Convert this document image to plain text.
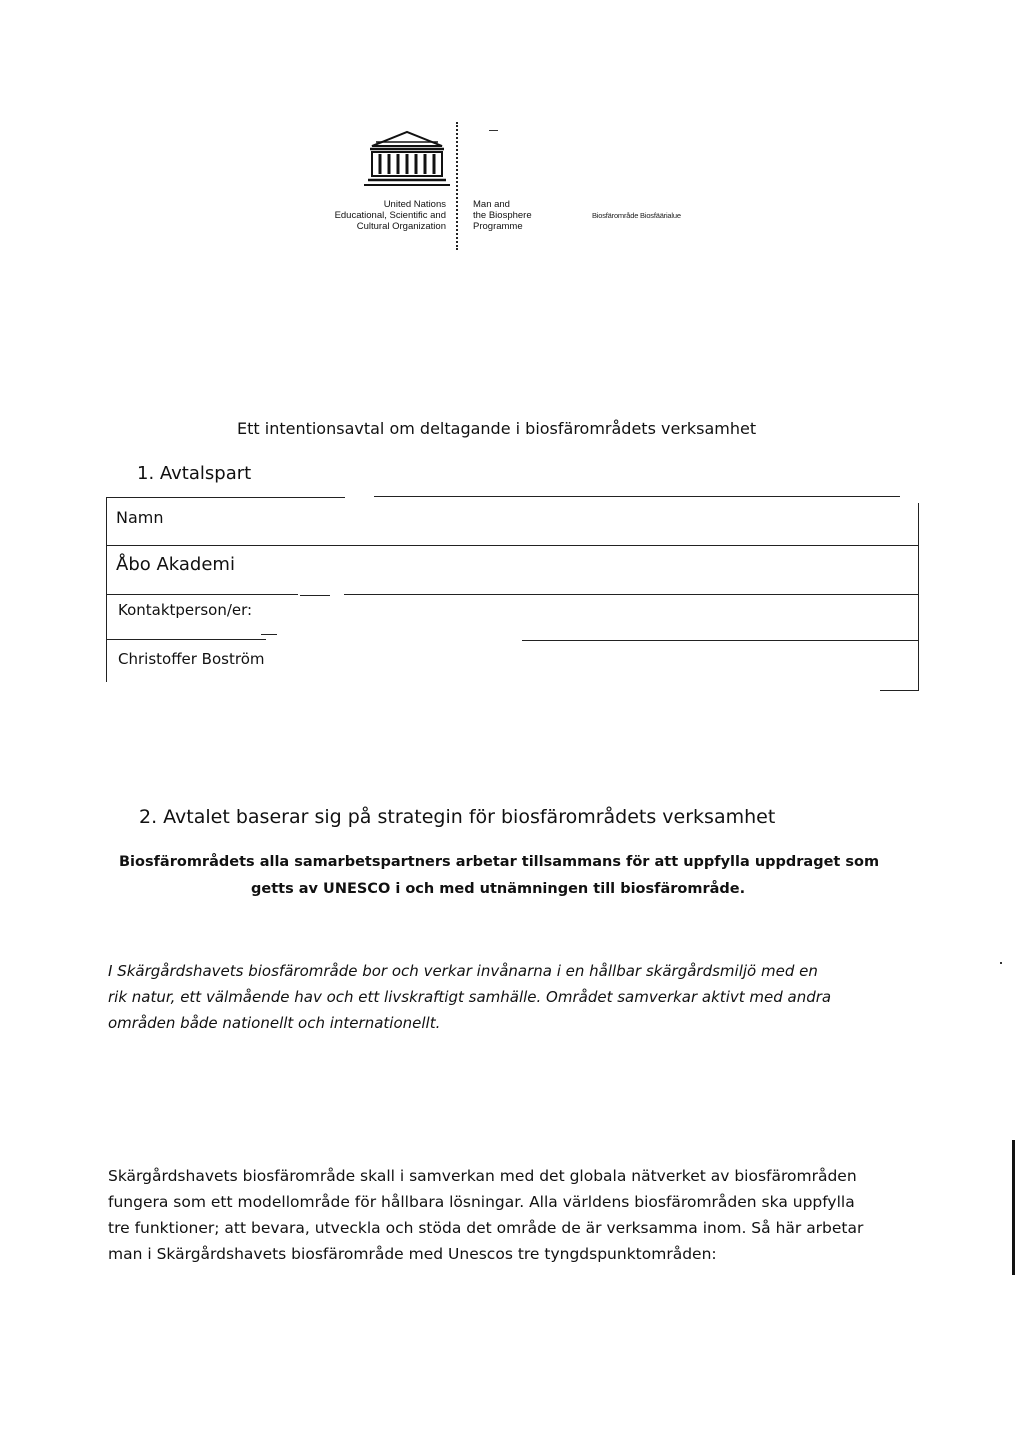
United Nations
Educational, Scientific and
Cultural Organization
Man and
the Biosphere
Programme
Biosfärområde Biosfäärialue
Ett intentionsavtal om deltagande i biosfärområdets verksamhet
1. Avtalspart
Namn
Åbo Akademi
Kontaktperson/er:
Christoffer Boström
2. Avtalet baserar sig på strategin för biosfärområdets verksamhet
Biosfärområdets alla samarbetspartners arbetar tillsammans för att uppfylla uppdraget som
getts av UNESCO i och med utnämningen till biosfärområde.
I Skärgårdshavets biosfärområde bor och verkar invånarna i en hållbar skärgårdsmiljö med en
rik natur, ett välmående hav och ett livskraftigt samhälle. Området samverkar aktivt med andra
områden både nationellt och internationellt.
Skärgårdshavets biosfärområde skall i samverkan med det globala nätverket av biosfärområden
fungera som ett modellområde för hållbara lösningar. Alla världens biosfärområden ska uppfylla
tre funktioner; att bevara, utveckla och stöda det område de är verksamma inom. Så här arbetar
man i Skärgårdshavets biosfärområde med Unescos tre tyngdspunktområden:
